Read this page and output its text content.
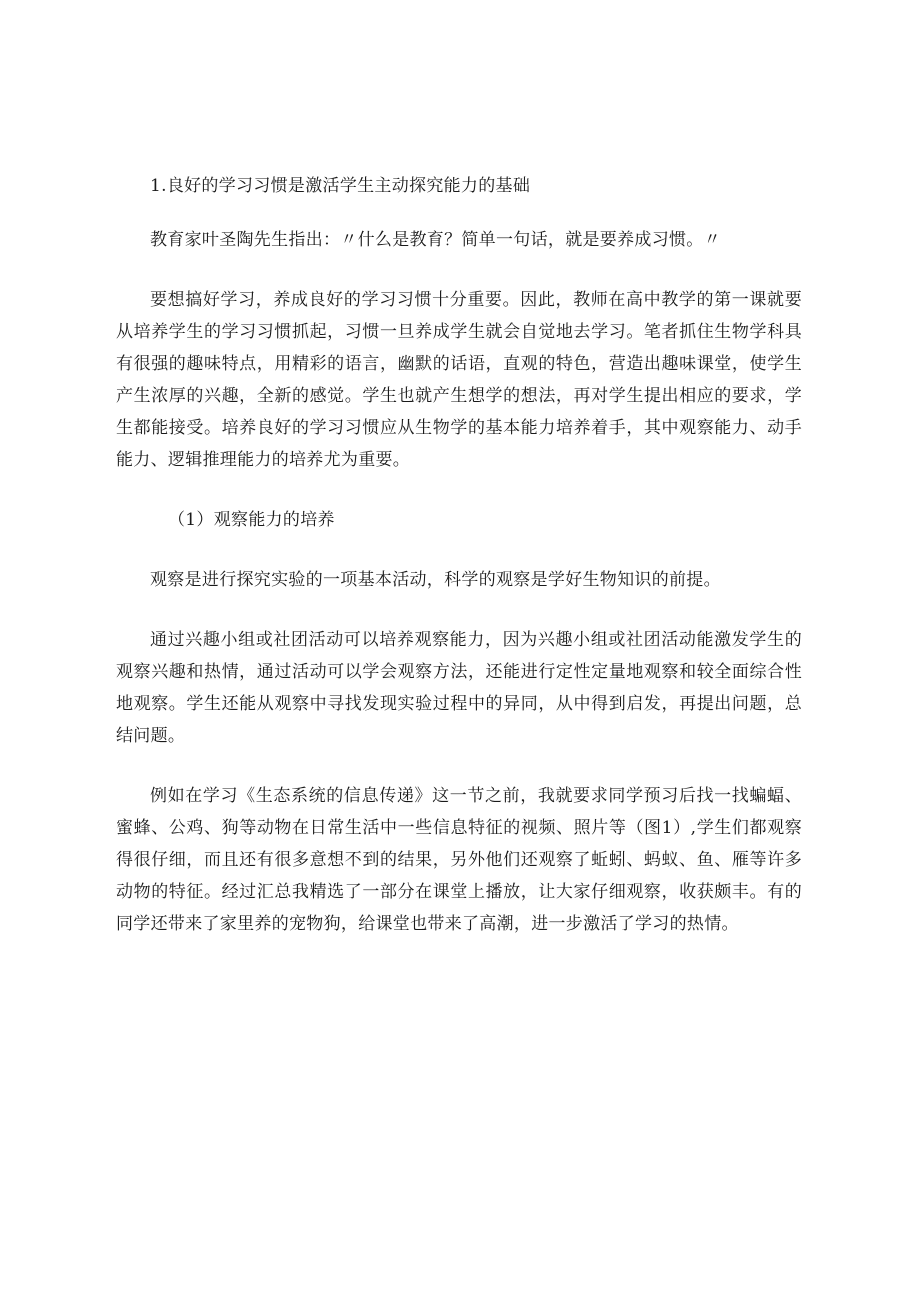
1.良好的学习习惯是激活学生主动探究能力的基础

教育家叶圣陶先生指出：〃什么是教育？简单一句话，就是要养成习惯。〃

要想搞好学习，养成良好的学习习惯十分重要。因此，教师在高中教学的第一课就要从培养学生的学习习惯抓起，习惯一旦养成学生就会自觉地去学习。笔者抓住生物学科具有很强的趣味特点，用精彩的语言，幽默的话语，直观的特色，营造出趣味课堂，使学生产生浓厚的兴趣，全新的感觉。学生也就产生想学的想法，再对学生提出相应的要求，学生都能接受。培养良好的学习习惯应从生物学的基本能力培养着手，其中观察能力、动手能力、逻辑推理能力的培养尤为重要。

（1）观察能力的培养

观察是进行探究实验的一项基本活动，科学的观察是学好生物知识的前提。

通过兴趣小组或社团活动可以培养观察能力，因为兴趣小组或社团活动能激发学生的观察兴趣和热情，通过活动可以学会观察方法，还能进行定性定量地观察和较全面综合性地观察。学生还能从观察中寻找发现实验过程中的异同，从中得到启发，再提出问题，总结问题。

例如在学习《生态系统的信息传递》这一节之前，我就要求同学预习后找一找蝙蝠、蜜蜂、公鸡、狗等动物在日常生活中一些信息特征的视频、照片等（图1）,学生们都观察得很仔细，而且还有很多意想不到的结果，另外他们还观察了蚯蚓、蚂蚁、鱼、雁等许多动物的特征。经过汇总我精选了一部分在课堂上播放，让大家仔细观察，收获颇丰。有的同学还带来了家里养的宠物狗，给课堂也带来了高潮，进一步激活了学习的热情。
